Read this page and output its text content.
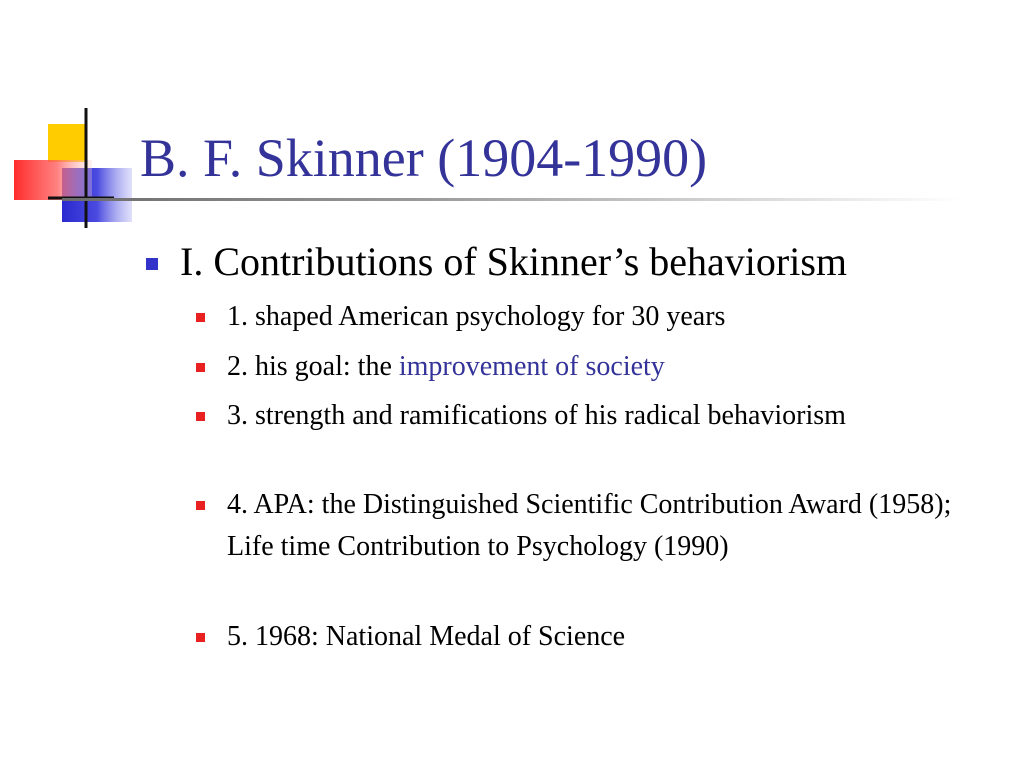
B. F. Skinner (1904-1990)
I. Contributions of Skinner’s behaviorism
1. shaped American psychology for 30 years
2. his goal: the improvement of society
3. strength and ramifications of his radical behaviorism
4. APA: the Distinguished Scientific Contribution Award (1958); Life time Contribution to Psychology (1990)
5. 1968: National Medal of Science
